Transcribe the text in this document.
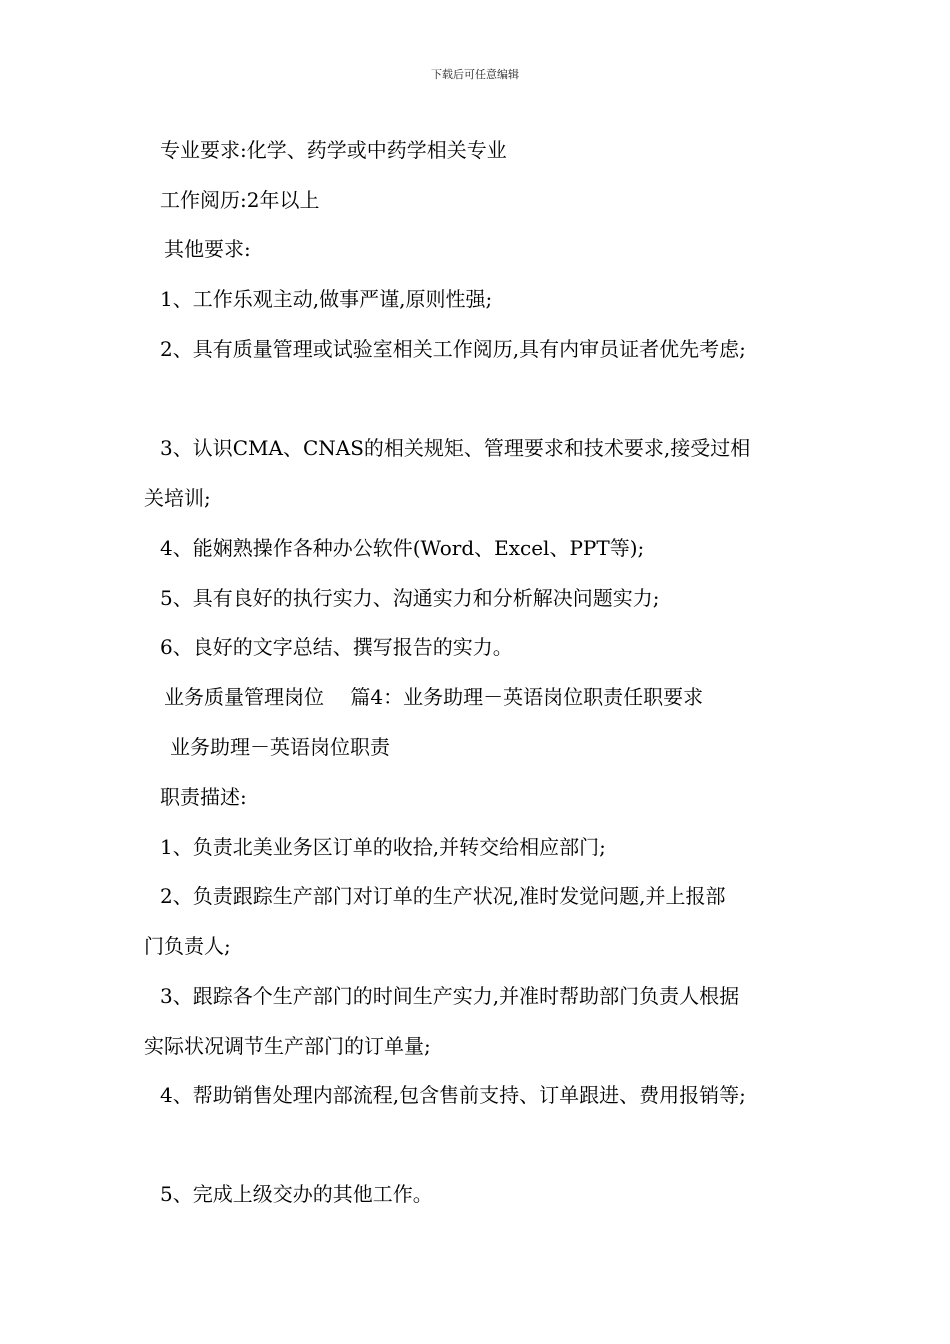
下载后可任意编辑
专业要求:化学、药学或中药学相关专业
工作阅历:2年以上
其他要求:
1、工作乐观主动,做事严谨,原则性强;
2、具有质量管理或试验室相关工作阅历,具有内审员证者优先考虑;
3、认识CMA、CNAS的相关规矩、管理要求和技术要求,接受过相
关培训;
4、能娴熟操作各种办公软件(Word、Excel、PPT等);
5、具有良好的执行实力、沟通实力和分析解决问题实力;
6、良好的文字总结、撰写报告的实力。
业务质量管理岗位　 篇4：业务助理－英语岗位职责任职要求
业务助理－英语岗位职责
职责描述:
1、负责北美业务区订单的收拾,并转交给相应部门;
2、负责跟踪生产部门对订单的生产状况,准时发觉问题,并上报部
门负责人;
3、跟踪各个生产部门的时间生产实力,并准时帮助部门负责人根据
实际状况调节生产部门的订单量;
4、帮助销售处理内部流程,包含售前支持、订单跟进、费用报销等;
5、完成上级交办的其他工作。
